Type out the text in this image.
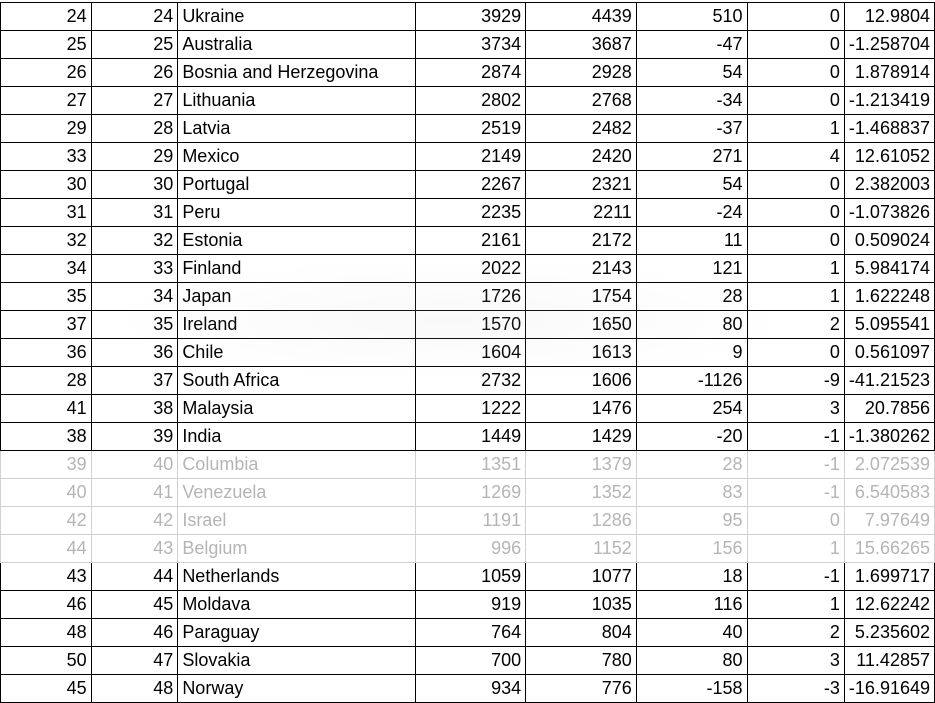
24	24	Ukraine	3929	4439	510	0	12.9804
25	25	Australia	3734	3687	-47	0	-1.258704
26	26	Bosnia and Herzegovina	2874	2928	54	0	1.878914
27	27	Lithuania	2802	2768	-34	0	-1.213419
29	28	Latvia	2519	2482	-37	1	-1.468837
33	29	Mexico	2149	2420	271	4	12.61052
30	30	Portugal	2267	2321	54	0	2.382003
31	31	Peru	2235	2211	-24	0	-1.073826
32	32	Estonia	2161	2172	11	0	0.509024
34	33	Finland	2022	2143	121	1	5.984174
35	34	Japan	1726	1754	28	1	1.622248
37	35	Ireland	1570	1650	80	2	5.095541
36	36	Chile	1604	1613	9	0	0.561097
28	37	South Africa	2732	1606	-1126	-9	-41.21523
41	38	Malaysia	1222	1476	254	3	20.7856
38	39	India	1449	1429	-20	-1	-1.380262
39	40	Columbia	1351	1379	28	-1	2.072539
40	41	Venezuela	1269	1352	83	-1	6.540583
42	42	Israel	1191	1286	95	0	7.97649
44	43	Belgium	996	1152	156	1	15.66265
43	44	Netherlands	1059	1077	18	-1	1.699717
46	45	Moldava	919	1035	116	1	12.62242
48	46	Paraguay	764	804	40	2	5.235602
50	47	Slovakia	700	780	80	3	11.42857
45	48	Norway	934	776	-158	-3	-16.91649
